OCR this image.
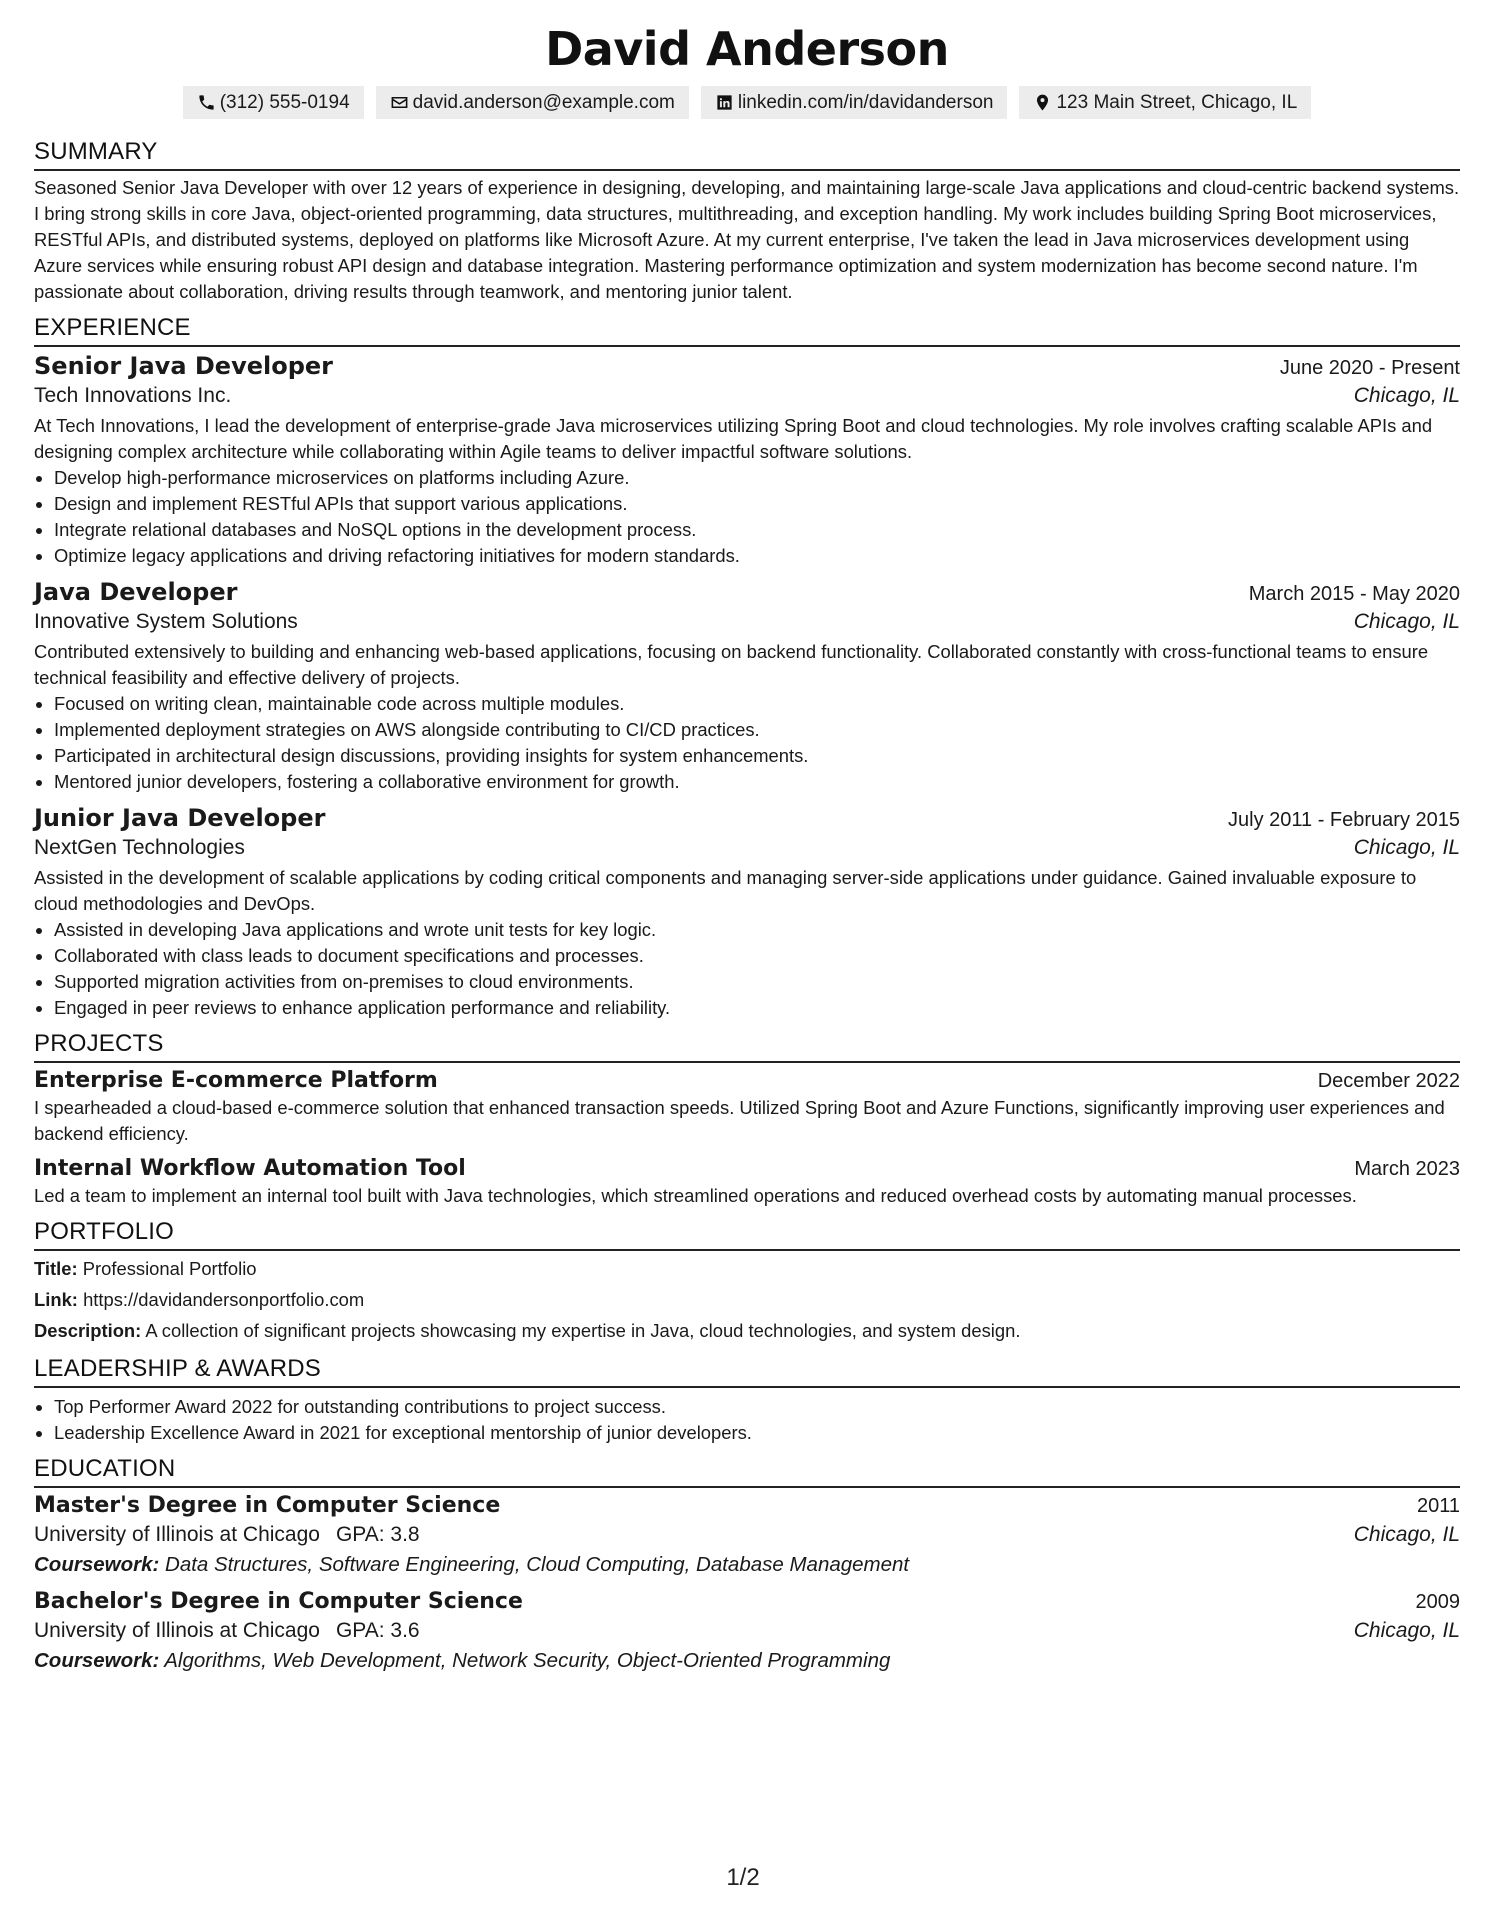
David Anderson
(312) 555-0194	david.anderson@example.com	linkedin.com/in/davidanderson	123 Main Street, Chicago, IL
SUMMARY

Seasoned Senior Java Developer with over 12 years of experience in designing, developing, and maintaining large-scale Java applications and cloud-centric backend systems. I bring strong skills in core Java, object-oriented programming, data structures, multithreading, and exception handling. My work includes building Spring Boot microservices, RESTful APIs, and distributed systems, deployed on platforms like Microsoft Azure. At my current enterprise, I've taken the lead in Java microservices development using Azure services while ensuring robust API design and database integration. Mastering performance optimization and system modernization has become second nature. I'm passionate about collaboration, driving results through teamwork, and mentoring junior talent.

EXPERIENCE
Senior Java Developer	June 2020 - Present
Tech Innovations Inc.	Chicago, IL

At Tech Innovations, I lead the development of enterprise-grade Java microservices utilizing Spring Boot and cloud technologies. My role involves crafting scalable APIs and designing complex architecture while collaborating within Agile teams to deliver impactful software solutions.

• Develop high-performance microservices on platforms including Azure.
• Design and implement RESTful APIs that support various applications.
• Integrate relational databases and NoSQL options in the development process.
• Optimize legacy applications and driving refactoring initiatives for modern standards.
Java Developer	March 2015 - May 2020
Innovative System Solutions	Chicago, IL

Contributed extensively to building and enhancing web-based applications, focusing on backend functionality. Collaborated constantly with cross-functional teams to ensure technical feasibility and effective delivery of projects.

• Focused on writing clean, maintainable code across multiple modules.
• Implemented deployment strategies on AWS alongside contributing to CI/CD practices.
• Participated in architectural design discussions, providing insights for system enhancements.
• Mentored junior developers, fostering a collaborative environment for growth.
Junior Java Developer	July 2011 - February 2015
NextGen Technologies	Chicago, IL

Assisted in the development of scalable applications by coding critical components and managing server-side applications under guidance. Gained invaluable exposure to cloud methodologies and DevOps.

• Assisted in developing Java applications and wrote unit tests for key logic.
• Collaborated with class leads to document specifications and processes.
• Supported migration activities from on-premises to cloud environments.
• Engaged in peer reviews to enhance application performance and reliability.
PROJECTS
Enterprise E-commerce Platform	December 2022

I spearheaded a cloud-based e-commerce solution that enhanced transaction speeds. Utilized Spring Boot and Azure Functions, significantly improving user experiences and backend efficiency.

Internal Workflow Automation Tool	March 2023

Led a team to implement an internal tool built with Java technologies, which streamlined operations and reduced overhead costs by automating manual processes.

PORTFOLIO
Title: Professional Portfolio
Link: https://davidandersonportfolio.com
Description: A collection of significant projects showcasing my expertise in Java, cloud technologies, and system design.
LEADERSHIP & AWARDS
• Top Performer Award 2022 for outstanding contributions to project success.
• Leadership Excellence Award in 2021 for exceptional mentorship of junior developers.
EDUCATION
Master's Degree in Computer Science	2011
University of Illinois at Chicago GPA: 3.8	Chicago, IL
Coursework: Data Structures, Software Engineering, Cloud Computing, Database Management
Bachelor's Degree in Computer Science	2009
University of Illinois at Chicago GPA: 3.6	Chicago, IL
Coursework: Algorithms, Web Development, Network Security, Object-Oriented Programming
1/2
